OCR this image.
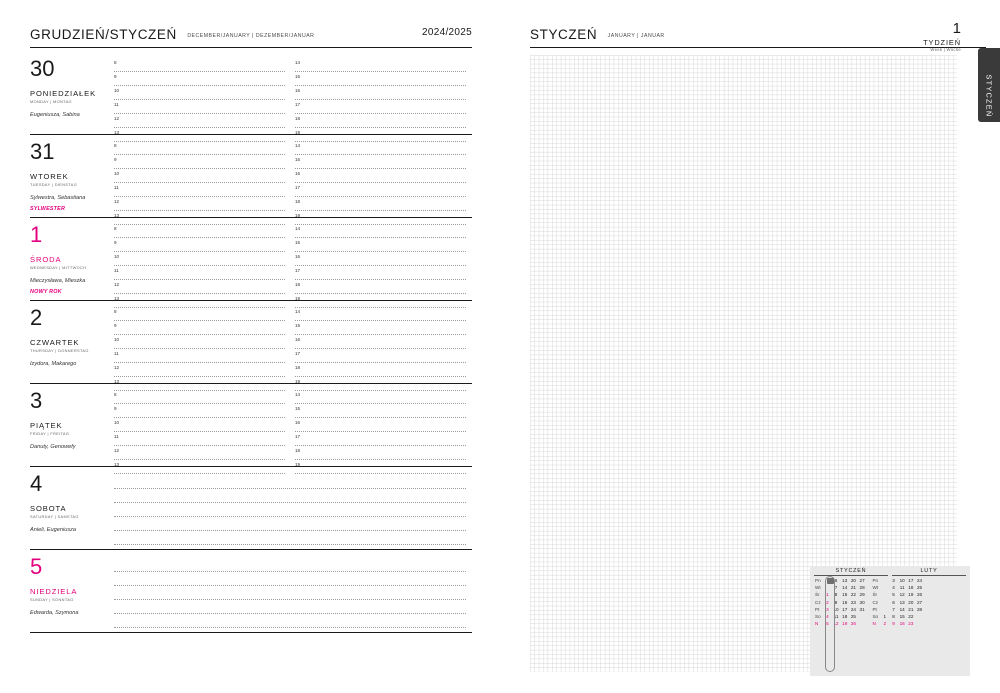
GRUDZIEŃ/STYCZEŃ DECEMBER/JANUARY | DEZEMBER/JANUAR	2024/2025
30
PONIEDZIAŁEK
MONDAY | MONTAG
Eugeniusza, Sabina
8
9
10
11
12
13
14
15
16
17
18
19
31
WTOREK
TUESDAY | DIENSTAG
Sylwestra, Sebastiana
SYLWESTER
8
9
10
11
12
13
14
15
16
17
18
19
1
ŚRODA
WEDNESDAY | MITTWOCH
Mieczysława, Mieszka
NOWY ROK
8
9
10
11
12
13
14
15
16
17
18
19
2
CZWARTEK
THURSDAY | DONNERSTAG
Izydora, Makarego
8
9
10
11
12
13
14
15
16
17
18
19
3
PIĄTEK
FRIDAY | FREITAG
Danuty, Genowefy
8
9
10
11
12
13
14
15
16
17
18
19
4
SOBOTA
SATURDAY | SAMSTAG
Anieli, Eugeniusza
5
NIEDZIELA
SUNDAY | SONNTAG
Edwarda, Szymona
STYCZEŃ JANUARY | JANUAR	1
TYDZIEŃ
Week | Woche
STYCZEŃ
STYCZEŃ	LUTY
Pn		6	13	20	27
Wt		7	14	21	28
Śr	1	8	15	22	29
Cz	2	9	16	23	30
Pt	3	10	17	24	31
So	4	11	18	25	
N	5	12	19	26	
Pn		3	10	17	24
Wt		4	11	18	25
Śr		5	12	19	26
Cz		6	13	20	27
Pt		7	14	21	28
So	1	8	15	22	
N	2	9	16	23	
